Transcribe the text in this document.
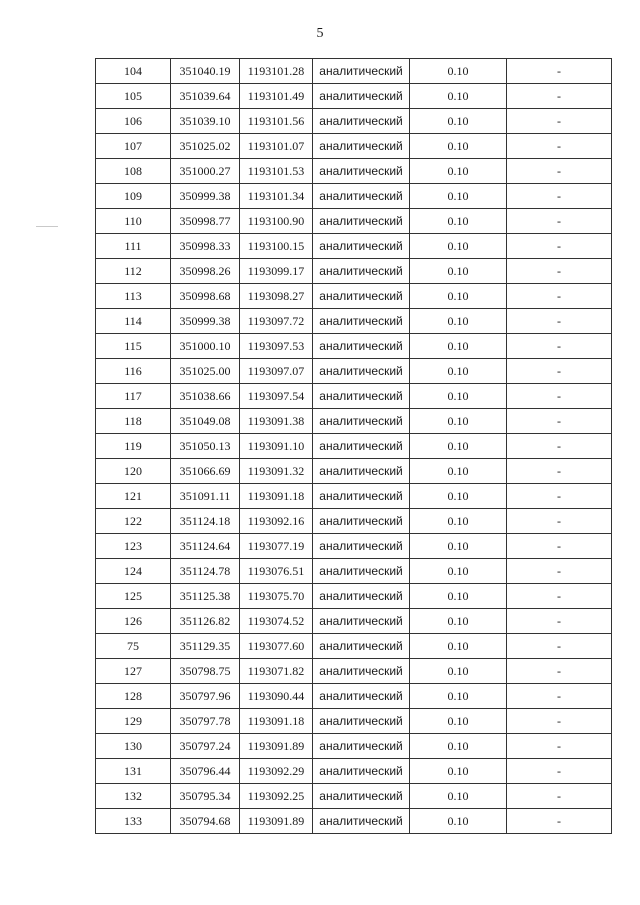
5
104	351040.19	1193101.28	аналитический	0.10	-
105	351039.64	1193101.49	аналитический	0.10	-
106	351039.10	1193101.56	аналитический	0.10	-
107	351025.02	1193101.07	аналитический	0.10	-
108	351000.27	1193101.53	аналитический	0.10	-
109	350999.38	1193101.34	аналитический	0.10	-
110	350998.77	1193100.90	аналитический	0.10	-
111	350998.33	1193100.15	аналитический	0.10	-
112	350998.26	1193099.17	аналитический	0.10	-
113	350998.68	1193098.27	аналитический	0.10	-
114	350999.38	1193097.72	аналитический	0.10	-
115	351000.10	1193097.53	аналитический	0.10	-
116	351025.00	1193097.07	аналитический	0.10	-
117	351038.66	1193097.54	аналитический	0.10	-
118	351049.08	1193091.38	аналитический	0.10	-
119	351050.13	1193091.10	аналитический	0.10	-
120	351066.69	1193091.32	аналитический	0.10	-
121	351091.11	1193091.18	аналитический	0.10	-
122	351124.18	1193092.16	аналитический	0.10	-
123	351124.64	1193077.19	аналитический	0.10	-
124	351124.78	1193076.51	аналитический	0.10	-
125	351125.38	1193075.70	аналитический	0.10	-
126	351126.82	1193074.52	аналитический	0.10	-
75	351129.35	1193077.60	аналитический	0.10	-
127	350798.75	1193071.82	аналитический	0.10	-
128	350797.96	1193090.44	аналитический	0.10	-
129	350797.78	1193091.18	аналитический	0.10	-
130	350797.24	1193091.89	аналитический	0.10	-
131	350796.44	1193092.29	аналитический	0.10	-
132	350795.34	1193092.25	аналитический	0.10	-
133	350794.68	1193091.89	аналитический	0.10	-
